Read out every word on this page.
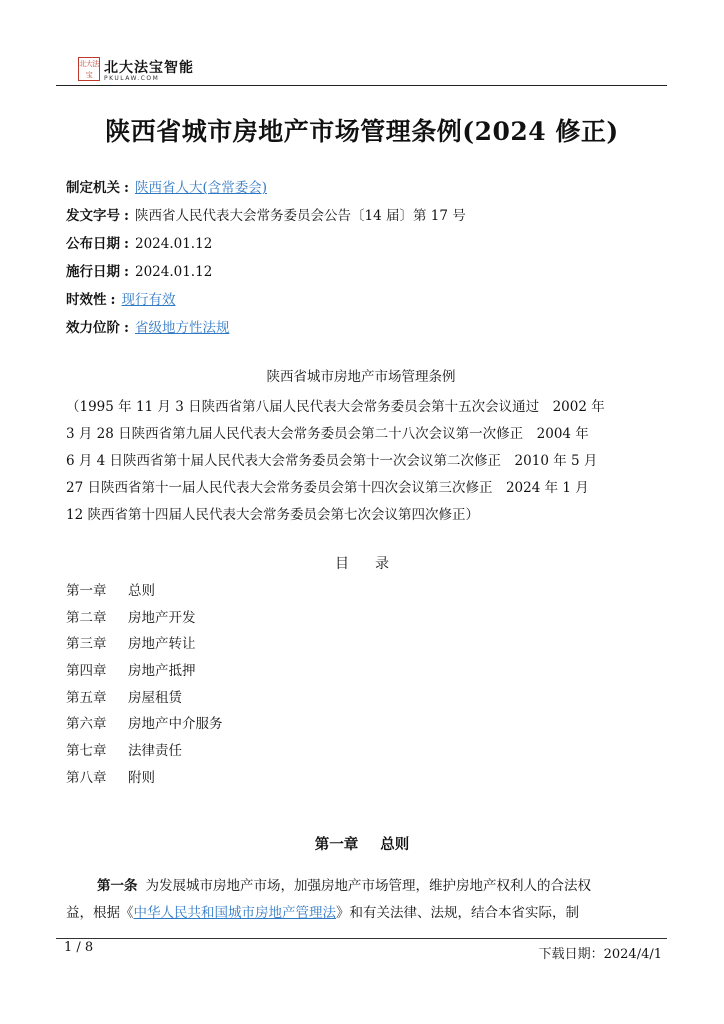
北大法宝 北大法宝智能
PKULAW.COM
陕西省城市房地产市场管理条例(2024 修正)
制定机关 : 陕西省人大(含常委会)
发文字号 : 陕西省人民代表大会常务委员会公告〔14 届〕第 17 号
公布日期 : 2024.01.12
施行日期 : 2024.01.12
时效性 : 现行有效
效力位阶 : 省级地方性法规
陕西省城市房地产市场管理条例
（1995 年 11 月 3 日陕西省第八届人民代表大会常务委员会第十五次会议通过　2002 年
3 月 28 日陕西省第九届人民代表大会常务委员会第二十八次会议第一次修正　2004 年
6 月 4 日陕西省第十届人民代表大会常务委员会第十一次会议第二次修正　2010 年 5 月
27 日陕西省第十一届人民代表大会常务委员会第十四次会议第三次修正　2024 年 1 月
12 陕西省第十四届人民代表大会常务委员会第七次会议第四次修正）
目录
第一章 总则
第二章 房地产开发
第三章 房地产转让
第四章 房地产抵押
第五章 房屋租赁
第六章 房地产中介服务
第七章 法律责任
第八章 附则
第一章 总则
第一条 为发展城市房地产市场，加强房地产市场管理，维护房地产权利人的合法权
益，根据《中华人民共和国城市房地产管理法》和有关法律、法规，结合本省实际，制
1 / 8	下载日期：2024/4/1
